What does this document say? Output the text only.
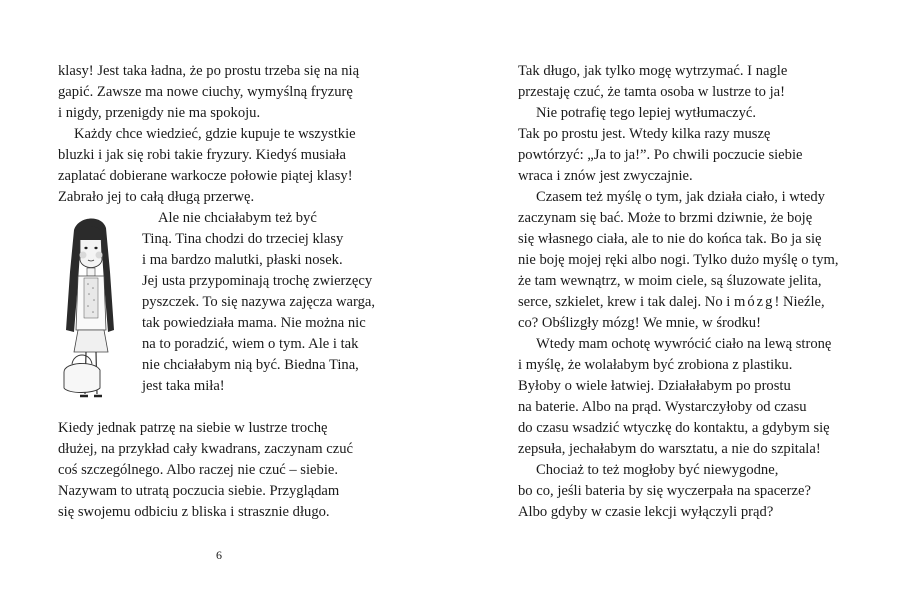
klasy! Jest taka ładna, że po prostu trzeba się na nią
gapić. Zawsze ma nowe ciuchy, wymyślną fryzurę
i nigdy, przenigdy nie ma spokoju.
Każdy chce wiedzieć, gdzie kupuje te wszystkie
bluzki i jak się robi takie fryzury. Kiedyś musiała
zaplatać dobierane warkocze połowie piątej klasy!
Zabrało jej to całą długą przerwę.
Ale nie chciałabym też być
Tiną. Tina chodzi do trzeciej klasy
i ma bardzo malutki, płaski nosek.
Jej usta przypominają trochę zwierzęcy
pyszczek. To się nazywa zajęcza warga,
tak powiedziała mama. Nie można nic
na to poradzić, wiem o tym. Ale i tak
nie chciałabym nią być. Biedna Tina,
jest taka miła!
Kiedy jednak patrzę na siebie w lustrze trochę
dłużej, na przykład cały kwadrans, zaczynam czuć
coś szczególnego. Albo raczej nie czuć – siebie.
Nazywam to utratą poczucia siebie. Przyglądam
się swojemu odbiciu z bliska i strasznie długo.
6
Tak długo, jak tylko mogę wytrzymać. I nagle
przestaję czuć, że tamta osoba w lustrze to ja!
Nie potrafię tego lepiej wytłumaczyć.
Tak po prostu jest. Wtedy kilka razy muszę
powtórzyć: „Ja to ja!”. Po chwili poczucie siebie
wraca i znów jest zwyczajnie.
Czasem też myślę o tym, jak działa ciało, i wtedy
zaczynam się bać. Może to brzmi dziwnie, że boję
się własnego ciała, ale to nie do końca tak. Bo ja się
nie boję mojej ręki albo nogi. Tylko dużo myślę o tym,
że tam wewnątrz, w moim ciele, są śluzowate jelita,
serce, szkielet, krew i tak dalej. No i mózg! Nieźle,
co? Obślizgły mózg! We mnie, w środku!
Wtedy mam ochotę wywrócić ciało na lewą stronę
i myślę, że wolałabym być zrobiona z plastiku.
Byłoby o wiele łatwiej. Działałabym po prostu
na baterie. Albo na prąd. Wystarczyłoby od czasu
do czasu wsadzić wtyczkę do kontaktu, a gdybym się
zepsuła, jechałabym do warsztatu, a nie do szpitala!
Chociaż to też mogłoby być niewygodne,
bo co, jeśli bateria by się wyczerpała na spacerze?
Albo gdyby w czasie lekcji wyłączyli prąd?
